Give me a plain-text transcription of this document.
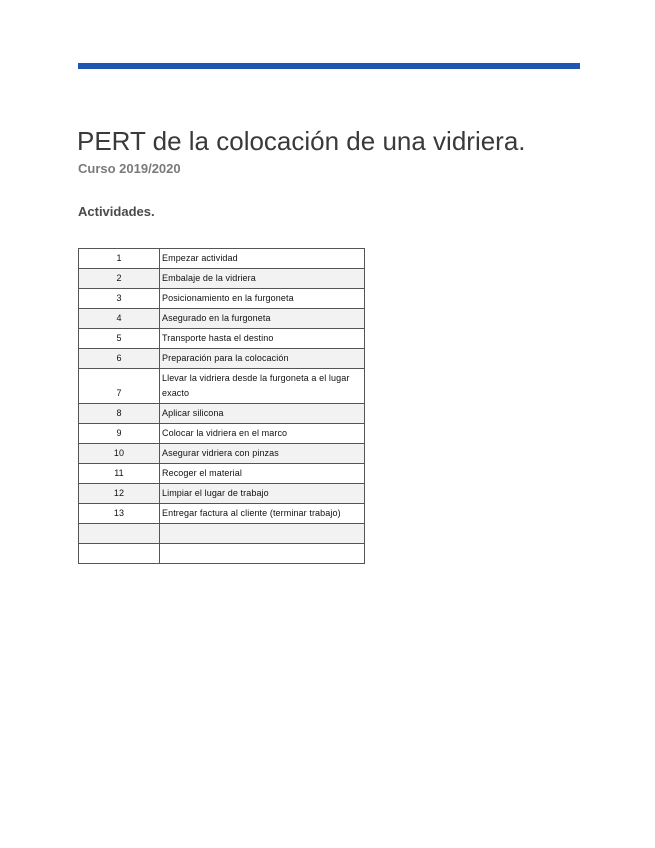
PERT de la colocación de una vidriera.

Curso 2019/2020

Actividades.
1	Empezar actividad
2	Embalaje de la vidriera
3	Posicionamiento en la furgoneta
4	Asegurado en la furgoneta
5	Transporte hasta el destino
6	Preparación para la colocación
7	Llevar la vidriera desde la furgoneta a el lugar exacto
8	Aplicar silicona
9	Colocar la vidriera en el marco
10	Asegurar vidriera con pinzas
11	Recoger el material
12	Limpiar el lugar de trabajo
13	Entregar factura al cliente (terminar trabajo)
